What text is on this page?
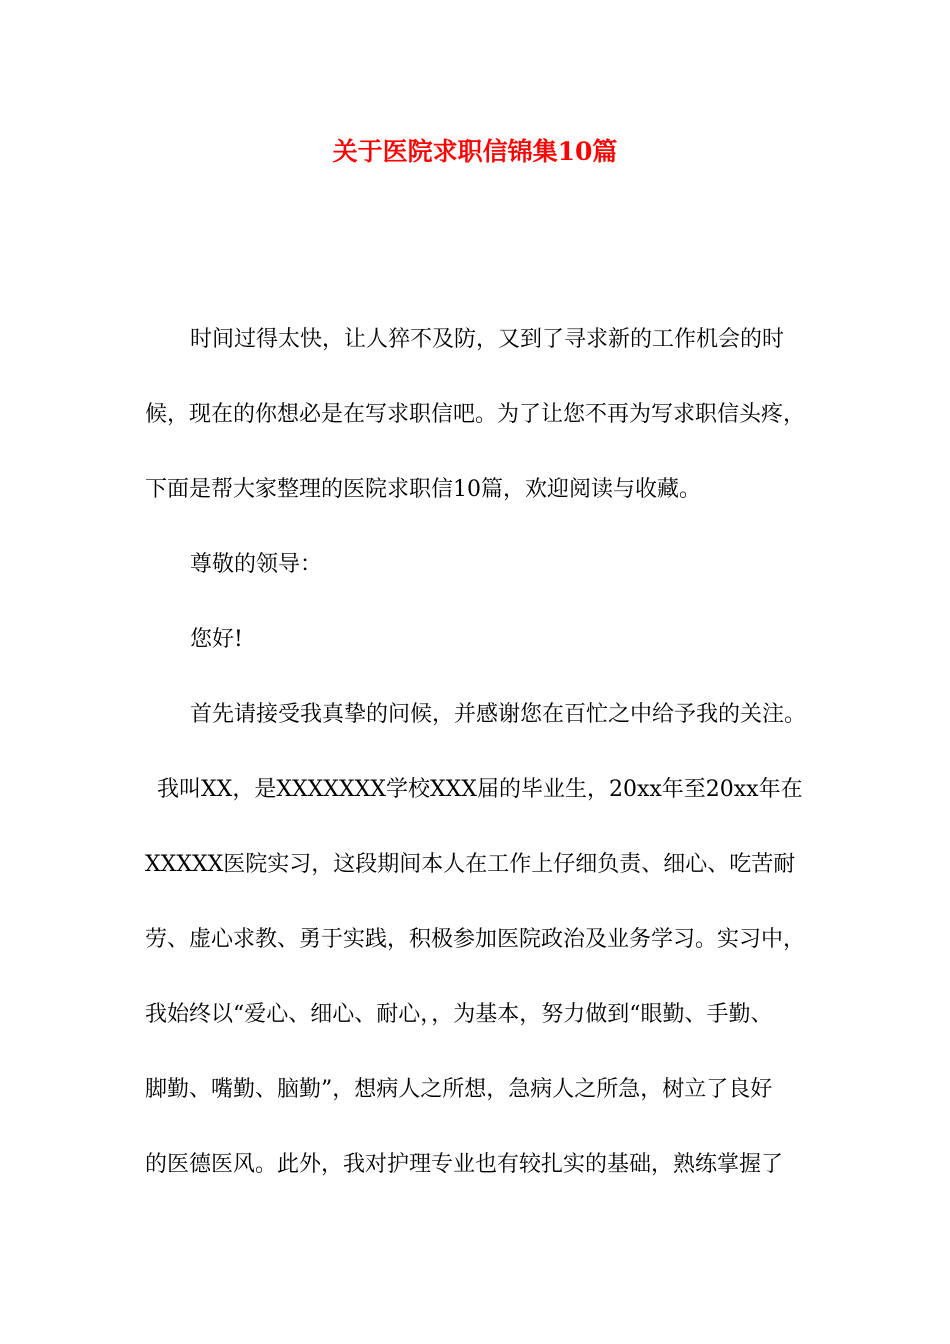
关于医院求职信锦集10篇
时间过得太快，让人猝不及防，又到了寻求新的工作机会的时
候，现在的你想必是在写求职信吧。为了让您不再为写求职信头疼，
下面是帮大家整理的医院求职信10篇，欢迎阅读与收藏。
尊敬的领导：
您好!
首先请接受我真挚的问候，并感谢您在百忙之中给予我的关注。
我叫XX，是XXXXXXX学校XXX届的毕业生，20xx年至20xx年在
XXXXX医院实习，这段期间本人在工作上仔细负责、细心、吃苦耐
劳、虚心求教、勇于实践，积极参加医院政治及业务学习。实习中，
我始终以“爱心、细心、耐心，，为基本，努力做到“眼勤、手勤、
脚勤、嘴勤、脑勤”，想病人之所想，急病人之所急，树立了良好
的医德医风。此外，我对护理专业也有较扎实的基础，熟练掌握了
